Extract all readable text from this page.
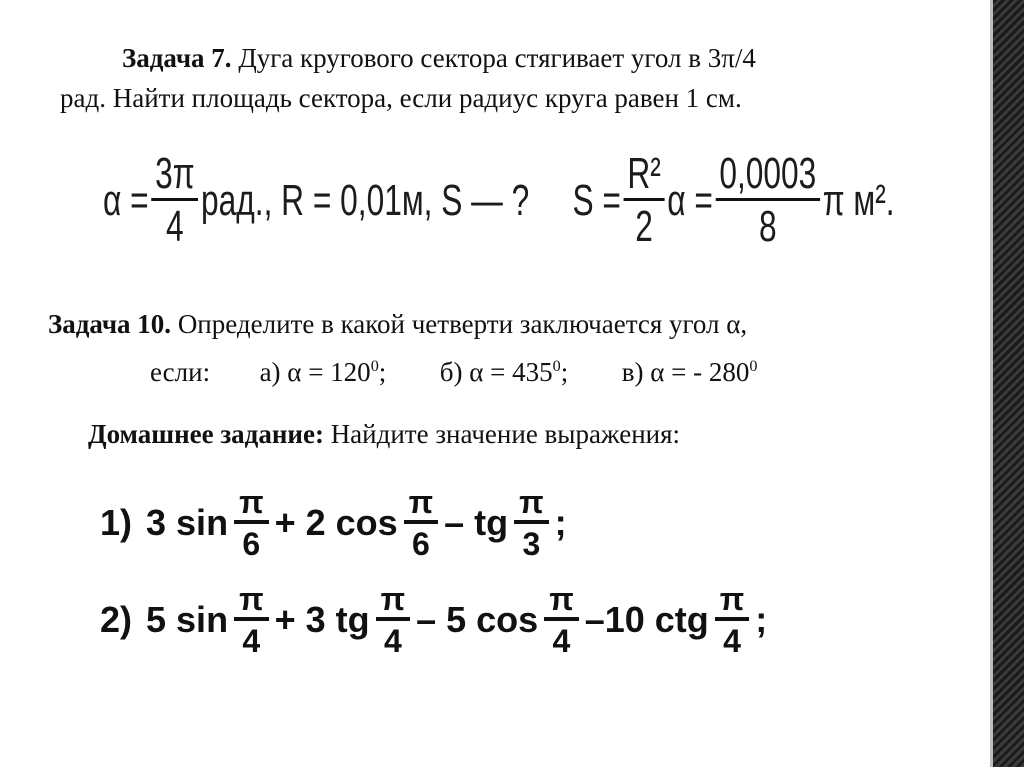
Задача 7. Дуга кругового сектора стягивает угол в 3π/4
рад. Найти площадь сектора, если радиус круга равен 1 см.
$\alpha = \frac{3\pi}{4}$ рад., R = 0,01м, S — ? $S = \frac{\text{R²}}{2}$ $\alpha = \frac{0,0003}{8}$ π м².
Задача 10. Определите в какой четверти заключается угол α,
если: а) $\alpha = 120^0$; б) $\alpha = 435^0$; в) α = - $280^0$
Домашнее задание: Найдите значение выражения:
1) 3 $\sin \frac{\pi}{6} + 2$ $\cos \frac{\pi}{6}$ – tg $\frac{\pi}{3}$ ;
2) 5 $\sin \frac{\pi}{4} + 3$ tg $\frac{\pi}{4} - 5$ $\cos \frac{\pi}{4} -10$ ctg $\frac{\pi}{4}$ ;
